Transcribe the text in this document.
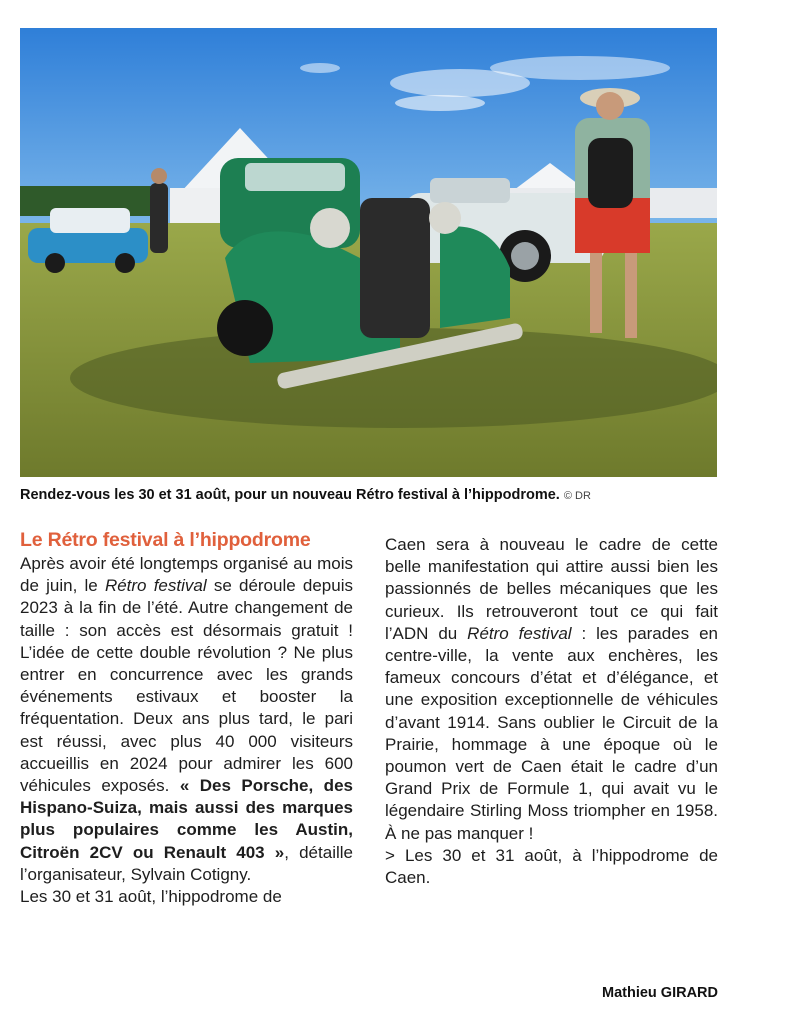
Rendez-vous les 30 et 31 août, pour un nouveau Rétro festival à l’hippodrome. © DR
Le Rétro festival à l’hippodrome

Après avoir été longtemps organisé au mois de juin, le Rétro festival se déroule depuis 2023 à la fin de l’été. Autre changement de taille : son accès est désormais gratuit ! L’idée de cette double révolution ? Ne plus entrer en concurrence avec les grands événements estivaux et booster la fréquentation. Deux ans plus tard, le pari est réussi, avec plus 40 000 visiteurs accueillis en 2024 pour admirer les 600 véhicules exposés. « Des Porsche, des Hispano-Suiza, mais aussi des marques plus populaires comme les Austin, Citroën 2CV ou Renault 403 », détaille l’organisateur, Sylvain Cotigny.

Les 30 et 31 août, l’hippodrome de

Caen sera à nouveau le cadre de cette belle manifestation qui attire aussi bien les passionnés de belles mécaniques que les curieux. Ils retrouveront tout ce qui fait l’ADN du Rétro festival : les parades en centre-ville, la vente aux enchères, les fameux concours d’état et d’élégance, et une exposition exceptionnelle de véhicules d’avant 1914. Sans oublier le Circuit de la Prairie, hommage à une époque où le poumon vert de Caen était le cadre d’un Grand Prix de Formule 1, qui avait vu le légendaire Stirling Moss triompher en 1958. À ne pas manquer !

> Les 30 et 31 août, à l’hippodrome de Caen.

Mathieu GIRARD
